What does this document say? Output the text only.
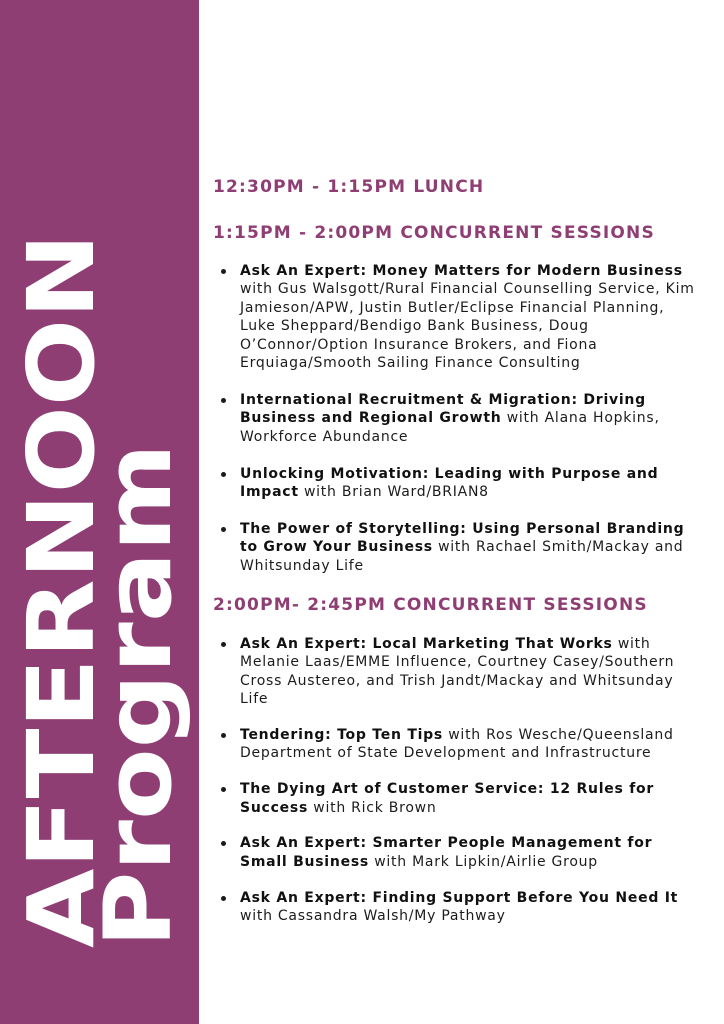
AFTERNOON
Program
12:30PM - 1:15PM LUNCH
1:15PM - 2:00PM CONCURRENT SESSIONS
Ask An Expert: Money Matters for Modern Business with Gus Walsgott/Rural Financial Counselling Service, Kim Jamieson/APW, Justin Butler/Eclipse Financial Planning, Luke Sheppard/Bendigo Bank Business, Doug O’Connor/Option Insurance Brokers, and Fiona Erquiaga/Smooth Sailing Finance Consulting
International Recruitment & Migration: Driving Business and Regional Growth with Alana Hopkins, Workforce Abundance
Unlocking Motivation: Leading with Purpose and Impact with Brian Ward/BRIAN8
The Power of Storytelling: Using Personal Branding to Grow Your Business with Rachael Smith/Mackay and Whitsunday Life
2:00PM- 2:45PM CONCURRENT SESSIONS
Ask An Expert: Local Marketing That Works with Melanie Laas/EMME Influence, Courtney Casey/Southern Cross Austereo, and Trish Jandt/Mackay and Whitsunday Life
Tendering: Top Ten Tips with Ros Wesche/Queensland Department of State Development and Infrastructure
The Dying Art of Customer Service: 12 Rules for Success with Rick Brown
Ask An Expert: Smarter People Management for Small Business with Mark Lipkin/Airlie Group
Ask An Expert: Finding Support Before You Need It with Cassandra Walsh/My Pathway
